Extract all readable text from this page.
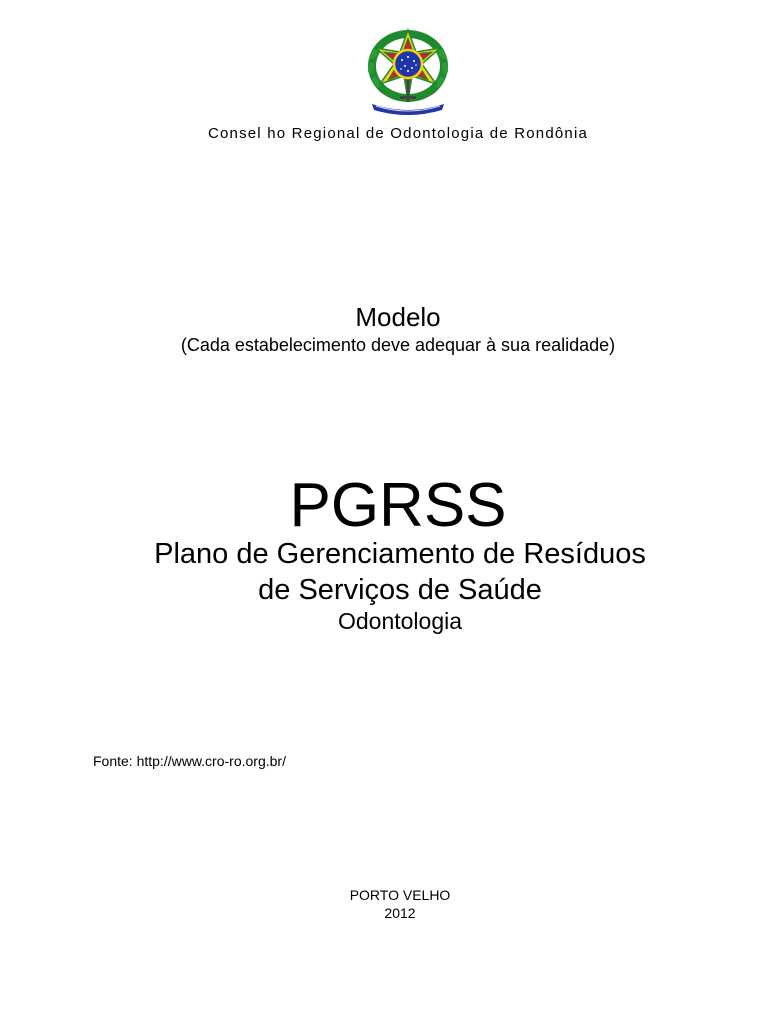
Consel ho Regional de Odontologia de Rondônia
Modelo
(Cada estabelecimento deve adequar à sua realidade)
PGRSS
Plano de Gerenciamento de Resíduos
de Serviços de Saúde
Odontologia
Fonte: http://www.cro-ro.org.br/
PORTO VELHO
2012
